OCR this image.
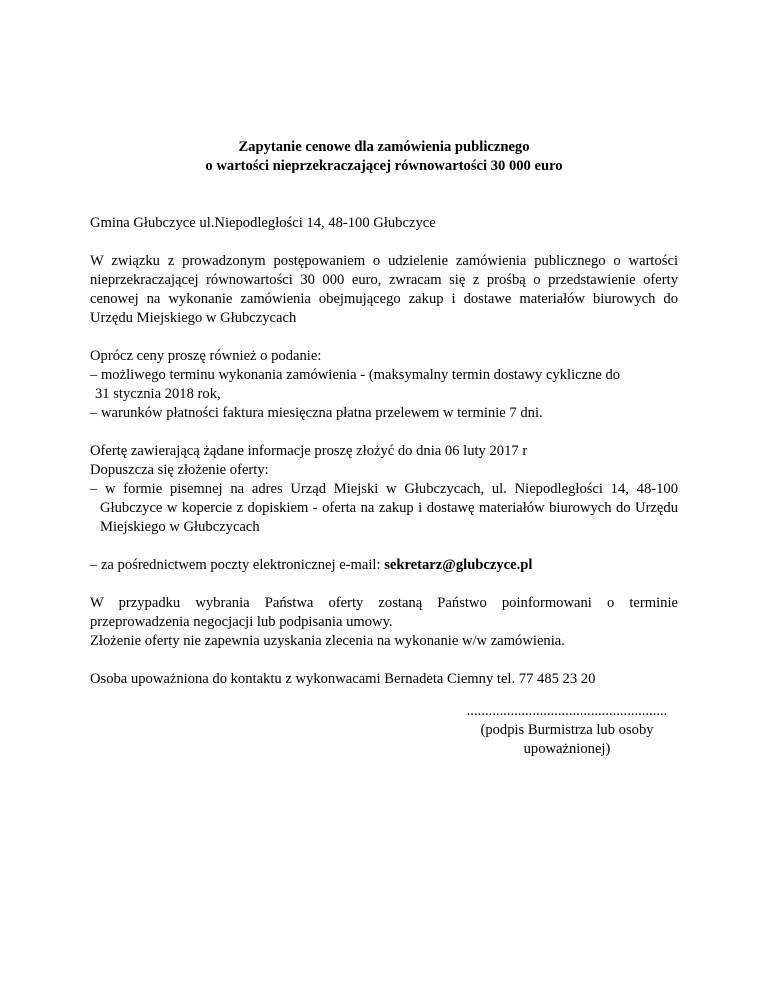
Zapytanie cenowe dla zamówienia publicznego

o wartości nieprzekraczającej równowartości 30 000 euro

Gmina Głubczyce ul.Niepodległości 14, 48-100 Głubczyce

W związku z prowadzonym postępowaniem o udzielenie zamówienia publicznego o wartości nieprzekraczającej równowartości 30 000 euro, zwracam się z prośbą o przedstawienie oferty cenowej na wykonanie zamówienia obejmującego zakup i dostawe materiałów biurowych do Urzędu Miejskiego w Głubczycach

Oprócz ceny proszę również o podanie:

– możliwego terminu wykonania zamówienia - (maksymalny termin dostawy cykliczne do

31 stycznia 2018 rok,

– warunków płatności faktura miesięczna płatna przelewem w terminie 7 dni.

Ofertę zawierającą żądane informacje proszę złożyć do dnia 06 luty 2017 r

Dopuszcza się złożenie oferty:

– w formie pisemnej na adres Urząd Miejski w Głubczycach, ul. Niepodległości 14, 48-100 Głubczyce w kopercie z dopiskiem - oferta na zakup i dostawę materiałów biurowych do Urzędu Miejskiego w Głubczycach

– za pośrednictwem poczty elektronicznej e-mail: sekretarz@glubczyce.pl

W przypadku wybrania Państwa oferty zostaną Państwo poinformowani o terminie przeprowadzenia negocjacji lub podpisania umowy.

Złożenie oferty nie zapewnia uzyskania zlecenia na wykonanie w/w zamówienia.

Osoba upoważniona do kontaktu z wykonwacami Bernadeta Ciemny tel. 77 485 23 20

.......................................................
(podpis Burmistrza lub osoby
upoważnionej)
